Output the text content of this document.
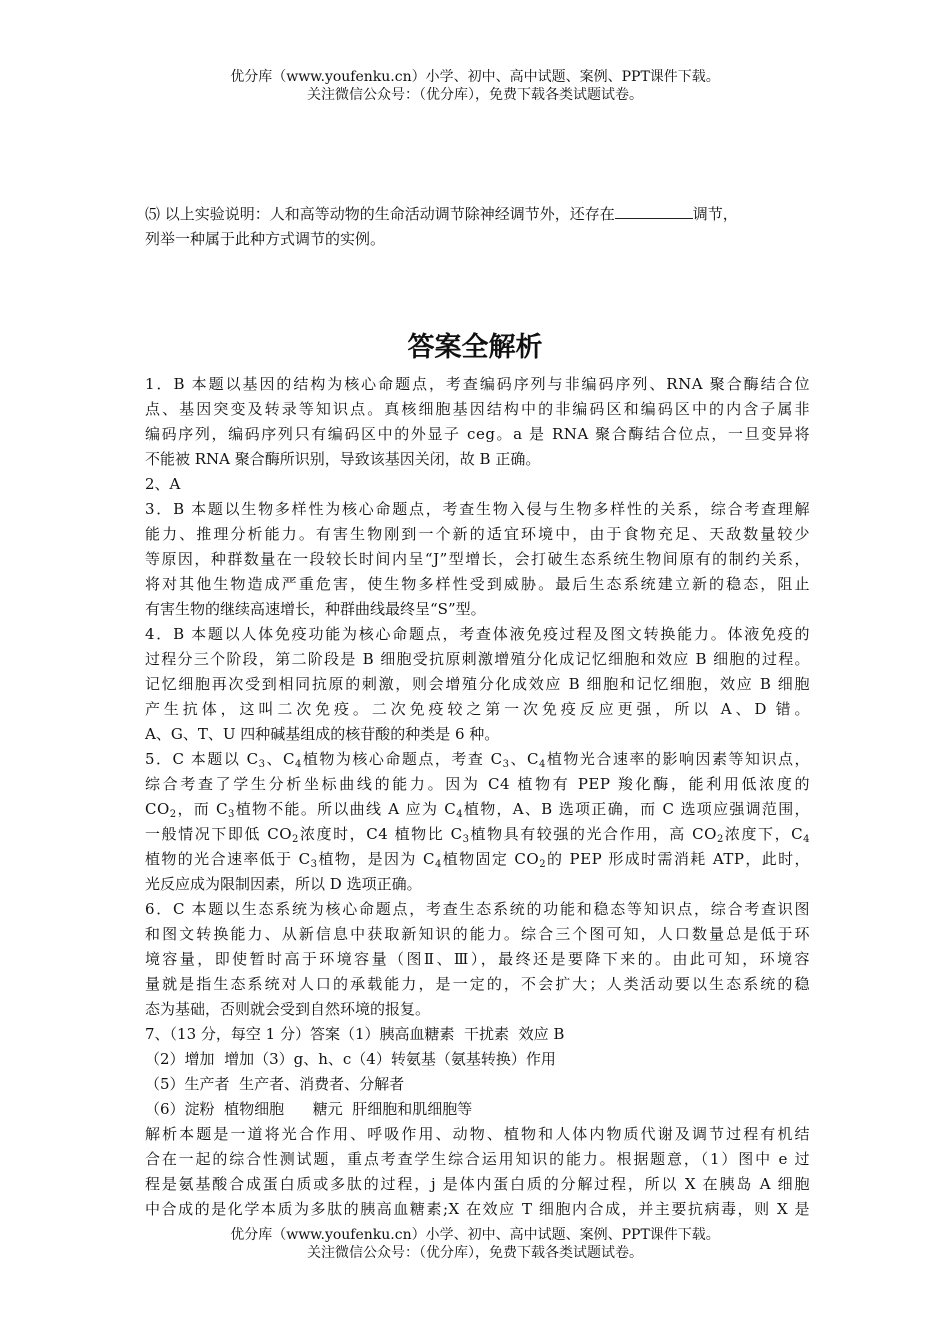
优分库（www.youfenku.cn）小学、初中、高中试题、案例、PPT课件下载。
关注微信公众号：（优分库），免费下载各类试题试卷。

⑸ 以上实验说明：人和高等动物的生命活动调节除神经调节外，还存在	调节，

列举一种属于此种方式调节的实例。

答案全解析

1．B 本题以基因的结构为核心命题点，考查编码序列与非编码序列、RNA 聚合酶结合位

点、基因突变及转录等知识点。真核细胞基因结构中的非编码区和编码区中的内含子属非

编码序列，编码序列只有编码区中的外显子 ceg。a 是 RNA 聚合酶结合位点，一旦变异将

不能被 RNA 聚合酶所识别，导致该基因关闭，故 B 正确。

2、A

3．B 本题以生物多样性为核心命题点，考查生物入侵与生物多样性的关系，综合考查理解

能力、推理分析能力。有害生物刚到一个新的适宜环境中，由于食物充足、天敌数量较少

等原因，种群数量在一段较长时间内呈“J”型增长，会打破生态系统生物间原有的制约关系，

将对其他生物造成严重危害，使生物多样性受到威胁。最后生态系统建立新的稳态，阻止

有害生物的继续高速增长，种群曲线最终呈“S”型。

4．B 本题以人体免疫功能为核心命题点，考查体液免疫过程及图文转换能力。体液免疫的

过程分三个阶段，第二阶段是 B 细胞受抗原刺激增殖分化成记忆细胞和效应 B 细胞的过程。

记忆细胞再次受到相同抗原的刺激，则会增殖分化成效应 B 细胞和记忆细胞，效应 B 细胞

产生抗体，这叫二次免疫。二次免疫较之第一次免疫反应更强，所以 A、D 错。

A、G、T、U 四种碱基组成的核苷酸的种类是 6 种。

5．C 本题以 $C_3$、$C_4$植物为核心命题点，考查 $C_3$、$C_4$植物光合速率的影响因素等知识点，

综合考查了学生分析坐标曲线的能力。因为 C4 植物有 PEP 羧化酶，能利用低浓度的

$CO_2$，而 $C_3$植物不能。所以曲线 A 应为 $C_4$植物，A、B 选项正确，而 C 选项应强调范围，

一般情况下即低 $CO_2$浓度时，C4 植物比 $C_3$植物具有较强的光合作用，高 $CO_2$浓度下，$C_4$

植物的光合速率低于 $C_3$植物，是因为 $C_4$植物固定 $CO_2$的 PEP 形成时需消耗 ATP，此时，

光反应成为限制因素，所以 D 选项正确。

6．C 本题以生态系统为核心命题点，考查生态系统的功能和稳态等知识点，综合考查识图

和图文转换能力、从新信息中获取新知识的能力。综合三个图可知，人口数量总是低于环

境容量，即使暂时高于环境容量（图Ⅱ、Ⅲ），最终还是要降下来的。由此可知，环境容

量就是指生态系统对人口的承载能力，是一定的，不会扩大；人类活动要以生态系统的稳

态为基础，否则就会受到自然环境的报复。

7、（13 分，每空 1 分）答案（1）胰高血糖素  干扰素  效应 B

（2）增加  增加（3）g、h、c（4）转氨基（氨基转换）作用

（5）生产者  生产者、消费者、分解者

（6）淀粉  植物细胞      糖元  肝细胞和肌细胞等

解析本题是一道将光合作用、呼吸作用、动物、植物和人体内物质代谢及调节过程有机结

合在一起的综合性测试题，重点考查学生综合运用知识的能力。根据题意，（1）图中 e 过

程是氨基酸合成蛋白质或多肽的过程，j 是体内蛋白质的分解过程，所以 X 在胰岛 A 细胞

中合成的是化学本质为多肽的胰高血糖素;X 在效应 T 细胞内合成，并主要抗病毒，则 X 是

优分库（www.youfenku.cn）小学、初中、高中试题、案例、PPT课件下载。
关注微信公众号：（优分库），免费下载各类试题试卷。
